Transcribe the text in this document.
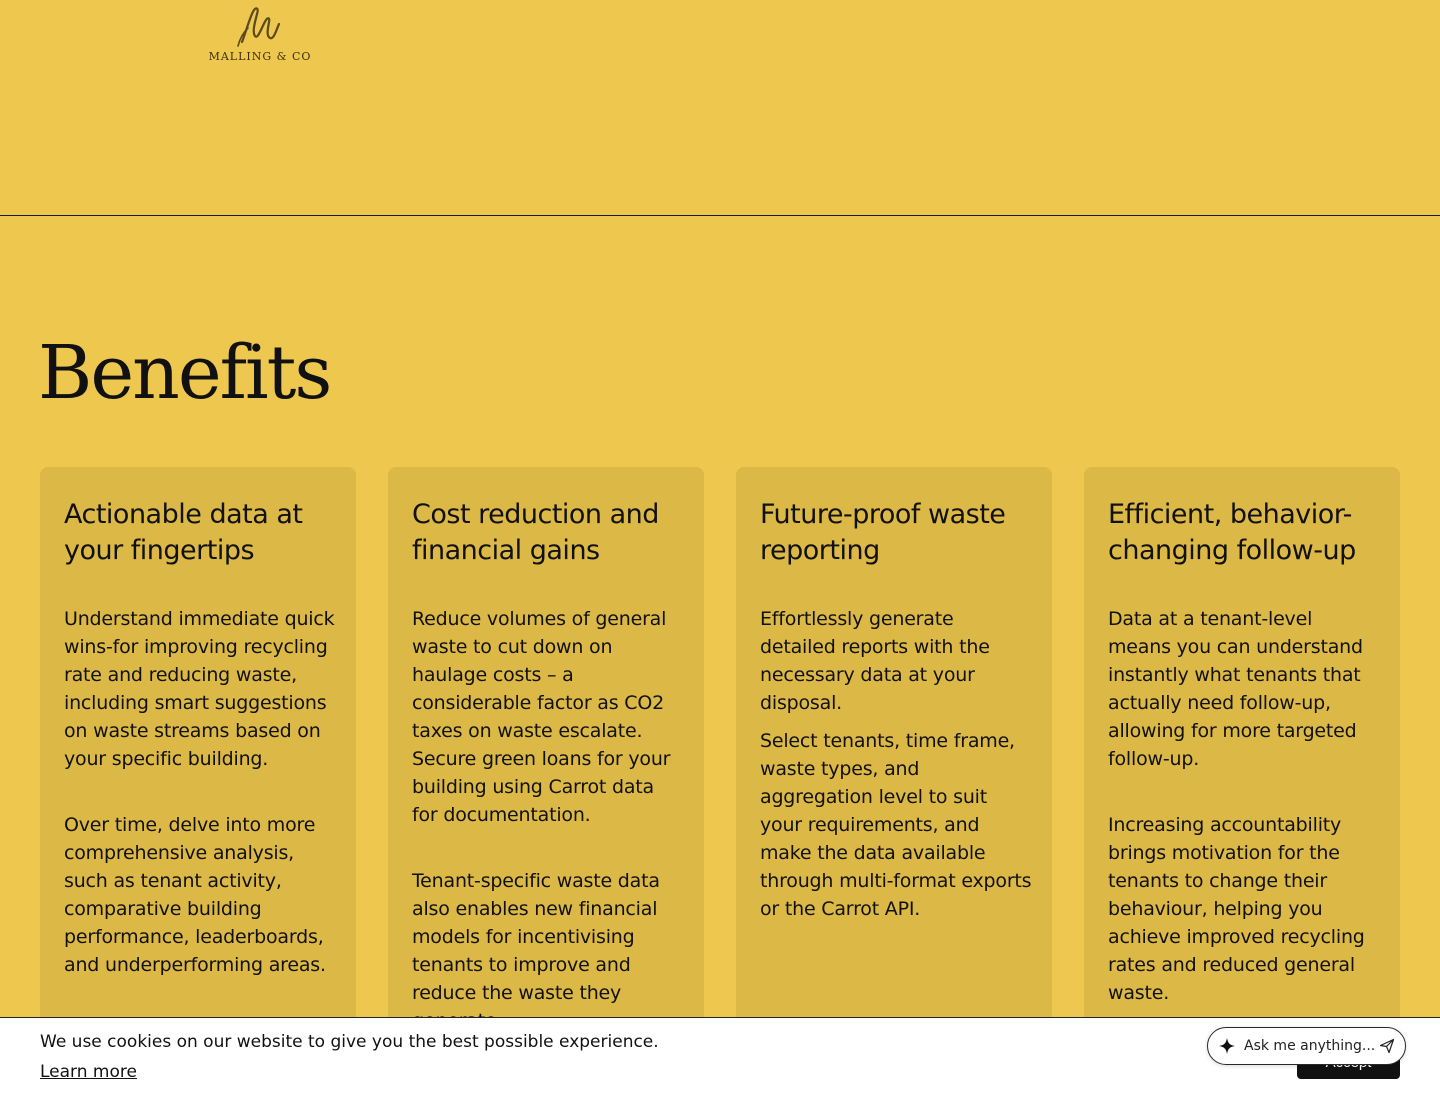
MALLING & CO
Benefits
Actionable data at your fingertips

Understand immediate quick wins-for improving recycling rate and reducing waste, including smart suggestions on waste streams based on your specific building.

Over time, delve into more comprehensive analysis, such as tenant activity, comparative building performance, leaderboards, and underperforming areas.

Cost reduction and financial gains

Reduce volumes of general waste to cut down on haulage costs – a considerable factor as CO2 taxes on waste escalate. Secure green loans for your building using Carrot data for documentation.

Tenant-specific waste data also enables new financial models for incentivising tenants to improve and reduce the waste they

Future-proof waste reporting

Effortlessly generate detailed reports with the necessary data at your disposal.

Select tenants, time frame, waste types, and aggregation level to suit your requirements, and make the data available through multi-format exports or the Carrot API.

Efficient, behavior-changing follow-up

Data at a tenant-level means you can understand instantly what tenants that actually need follow-up, allowing for more targeted follow-up.

Increasing accountability brings motivation for the tenants to change their behaviour, helping you achieve improved recycling rates and reduced general waste.

We use cookies on our website to give you the best possible experience.
Learn more
Ask me anything...
